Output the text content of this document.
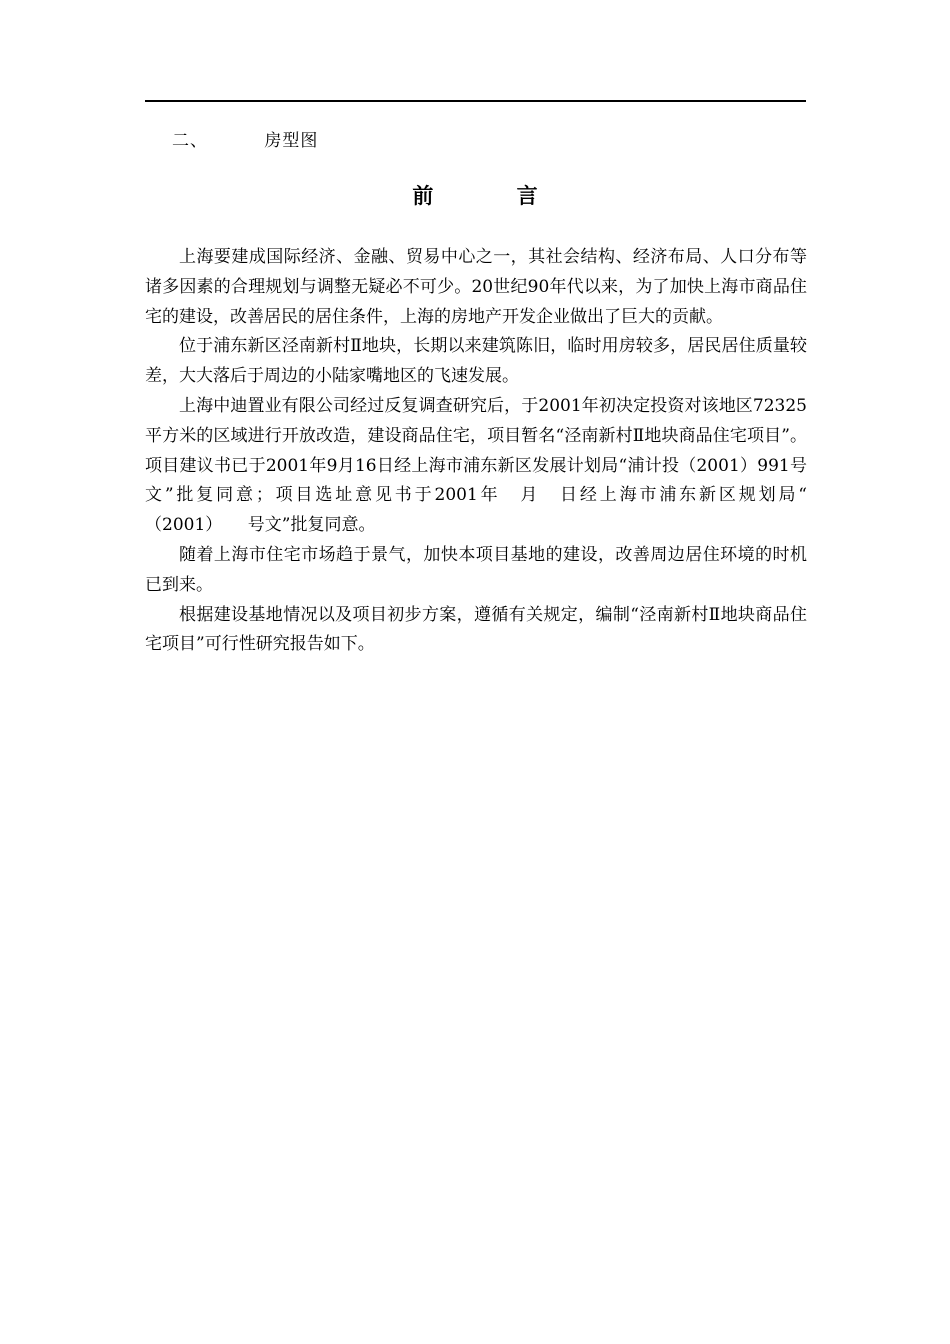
二、	房型图
前 言

上海要建成国际经济、金融、贸易中心之一，其社会结构、经济布局、人口分布等诸多因素的合理规划与调整无疑必不可少。20世纪90年代以来，为了加快上海市商品住宅的建设，改善居民的居住条件，上海的房地产开发企业做出了巨大的贡献。

位于浦东新区泾南新村Ⅱ地块，长期以来建筑陈旧，临时用房较多，居民居住质量较差，大大落后于周边的小陆家嘴地区的飞速发展。

上海中迪置业有限公司经过反复调查研究后，于2001年初决定投资对该地区72325平方米的区域进行开放改造，建设商品住宅，项目暂名“泾南新村Ⅱ地块商品住宅项目”。项目建议书已于2001年9月16日经上海市浦东新区发展计划局“浦计投（2001）991号文”批复同意；项目选址意见书于2001年　月　日经上海市浦东新区规划局“　　（2001）　　号文”批复同意。

随着上海市住宅市场趋于景气，加快本项目基地的建设，改善周边居住环境的时机已到来。

根据建设基地情况以及项目初步方案，遵循有关规定，编制“泾南新村Ⅱ地块商品住宅项目”可行性研究报告如下。
